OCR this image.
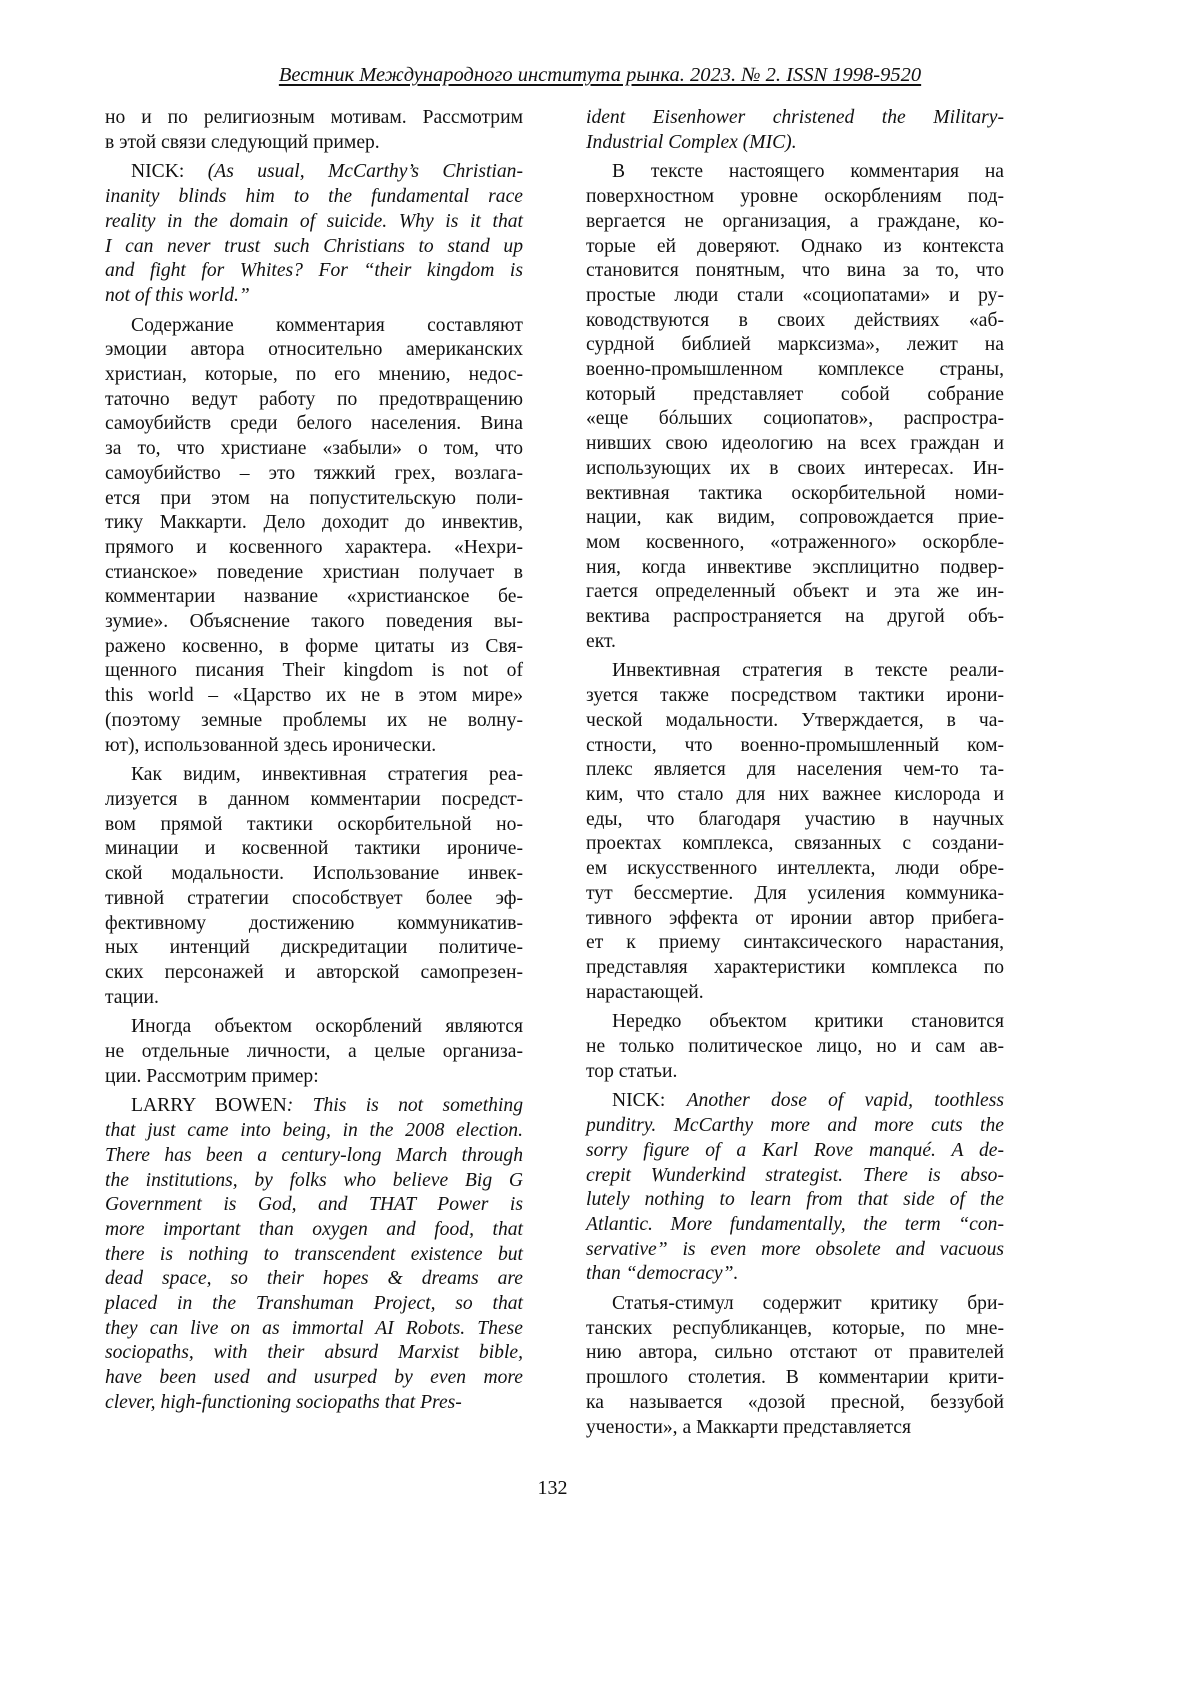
Вестник Международного института рынка. 2023. № 2. ISSN 1998-9520
но и по религиозным мотивам. Рассмотрим
в этой связи следующий пример.
NICK: (As usual, McCarthy’s Christian-
inanity blinds him to the fundamental race
reality in the domain of suicide. Why is it that
I can never trust such Christians to stand up
and fight for Whites? For “their kingdom is
not of this world.”
Содержание комментария составляют
эмоции автора относительно американских
христиан, которые, по его мнению, недос-
таточно ведут работу по предотвращению
самоубийств среди белого населения. Вина
за то, что христиане «забыли» о том, что
самоубийство – это тяжкий грех, возлага-
ется при этом на попустительскую поли-
тику Маккарти. Дело доходит до инвектив,
прямого и косвенного характера. «Нехри-
стианское» поведение христиан получает в
комментарии название «христианское бе-
зумие». Объяснение такого поведения вы-
ражено косвенно, в форме цитаты из Свя-
щенного писания Their kingdom is not of
this world – «Царство их не в этом мире»
(поэтому земные проблемы их не волну-
ют), использованной здесь иронически.
Как видим, инвективная стратегия реа-
лизуется в данном комментарии посредст-
вом прямой тактики оскорбительной но-
минации и косвенной тактики ирониче-
ской модальности. Использование инвек-
тивной стратегии способствует более эф-
фективному достижению коммуникатив-
ных интенций дискредитации политиче-
ских персонажей и авторской самопрезен-
тации.
Иногда объектом оскорблений являются
не отдельные личности, а целые организа-
ции. Рассмотрим пример:
LARRY BOWEN: This is not something
that just came into being, in the 2008 election.
There has been a century-long March through
the institutions, by folks who believe Big G
Government is God, and THAT Power is
more important than oxygen and food, that
there is nothing to transcendent existence but
dead space, so their hopes & dreams are
placed in the Transhuman Project, so that
they can live on as immortal AI Robots. These
sociopaths, with their absurd Marxist bible,
have been used and usurped by even more
clever, high-functioning sociopaths that Pres-
ident Eisenhower christened the Military-
Industrial Complex (MIC).
В тексте настоящего комментария на
поверхностном уровне оскорблениям под-
вергается не организация, а граждане, ко-
торые ей доверяют. Однако из контекста
становится понятным, что вина за то, что
простые люди стали «социопатами» и ру-
ководствуются в своих действиях «аб-
сурдной библией марксизма», лежит на
военно-промышленном комплексе страны,
который представляет собой собрание
«еще бóльших социопатов», распростра-
нивших свою идеологию на всех граждан и
использующих их в своих интересах. Ин-
вективная тактика оскорбительной номи-
нации, как видим, сопровождается прие-
мом косвенного, «отраженного» оскорбле-
ния, когда инвективе эксплицитно подвер-
гается определенный объект и эта же ин-
вектива распространяется на другой объ-
ект.
Инвективная стратегия в тексте реали-
зуется также посредством тактики ирони-
ческой модальности. Утверждается, в ча-
стности, что военно-промышленный ком-
плекс является для населения чем-то та-
ким, что стало для них важнее кислорода и
еды, что благодаря участию в научных
проектах комплекса, связанных с создани-
ем искусственного интеллекта, люди обре-
тут бессмертие. Для усиления коммуника-
тивного эффекта от иронии автор прибега-
ет к приему синтаксического нарастания,
представляя характеристики комплекса по
нарастающей.
Нередко объектом критики становится
не только политическое лицо, но и сам ав-
тор статьи.
NICK: Another dose of vapid, toothless
punditry. McCarthy more and more cuts the
sorry figure of a Karl Rove manqué. A de-
crepit Wunderkind strategist. There is abso-
lutely nothing to learn from that side of the
Atlantic. More fundamentally, the term “con-
servative” is even more obsolete and vacuous
than “democracy”.
Статья-стимул содержит критику бри-
танских республиканцев, которые, по мне-
нию автора, сильно отстают от правителей
прошлого столетия. В комментарии крити-
ка называется «дозой пресной, беззубой
учености», а Маккарти представляется
132
